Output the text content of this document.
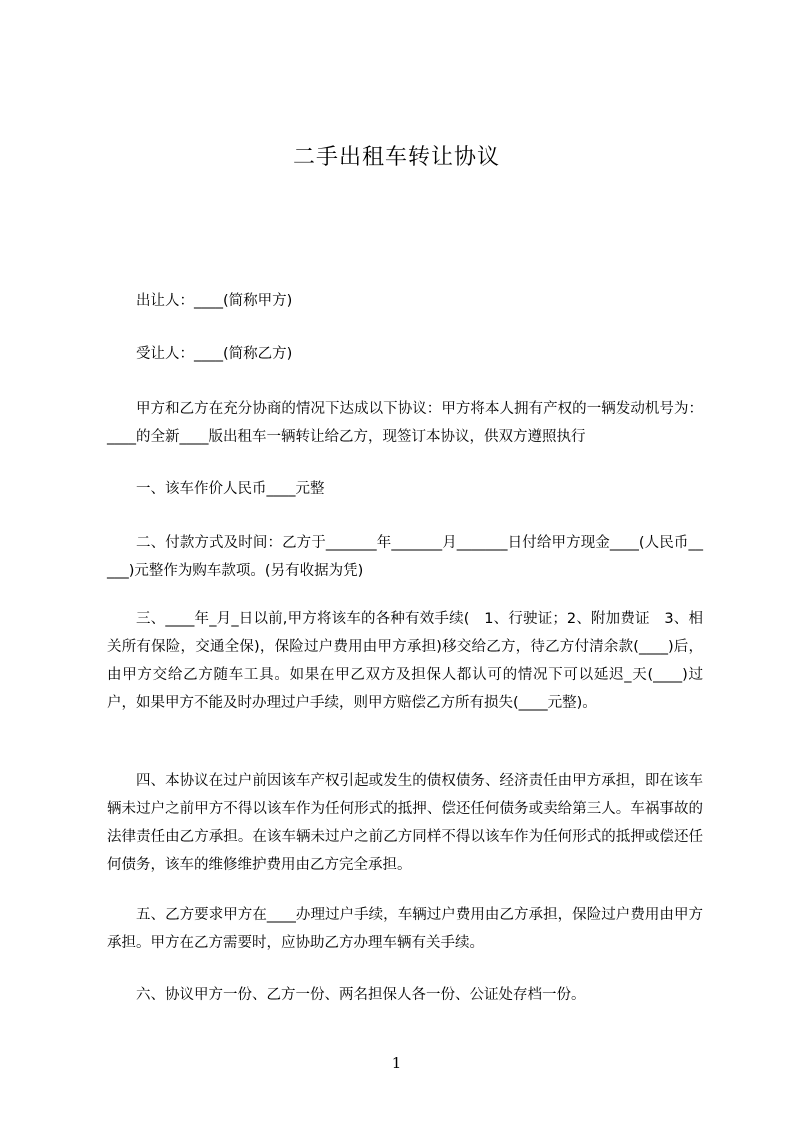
二手出租车转让协议

出让人：____(简称甲方)

受让人：____(简称乙方)

甲方和乙方在充分协商的情况下达成以下协议：甲方将本人拥有产权的一辆发动机号为：____的全新____版出租车一辆转让给乙方，现签订本协议，供双方遵照执行

一、该车作价人民币____元整

二、付款方式及时间：乙方于_______年_______月_______日付给甲方现金____(人民币_____)元整作为购车款项。(另有收据为凭)

三、____年_月_日以前,甲方将该车的各种有效手续(　1、行驶证；2、附加费证　3、相关所有保险，交通全保)，保险过户费用由甲方承担)移交给乙方，待乙方付清余款(____)后，由甲方交给乙方随车工具。如果在甲乙双方及担保人都认可的情况下可以延迟_天(____)过户，如果甲方不能及时办理过户手续，则甲方赔偿乙方所有损失(____元整)。

四、本协议在过户前因该车产权引起或发生的债权债务、经济责任由甲方承担，即在该车辆未过户之前甲方不得以该车作为任何形式的抵押、偿还任何债务或卖给第三人。车祸事故的法律责任由乙方承担。在该车辆未过户之前乙方同样不得以该车作为任何形式的抵押或偿还任何债务，该车的维修维护费用由乙方完全承担。

五、乙方要求甲方在____办理过户手续，车辆过户费用由乙方承担，保险过户费用由甲方承担。甲方在乙方需要时，应协助乙方办理车辆有关手续。

六、协议甲方一份、乙方一份、两名担保人各一份、公证处存档一份。

1
